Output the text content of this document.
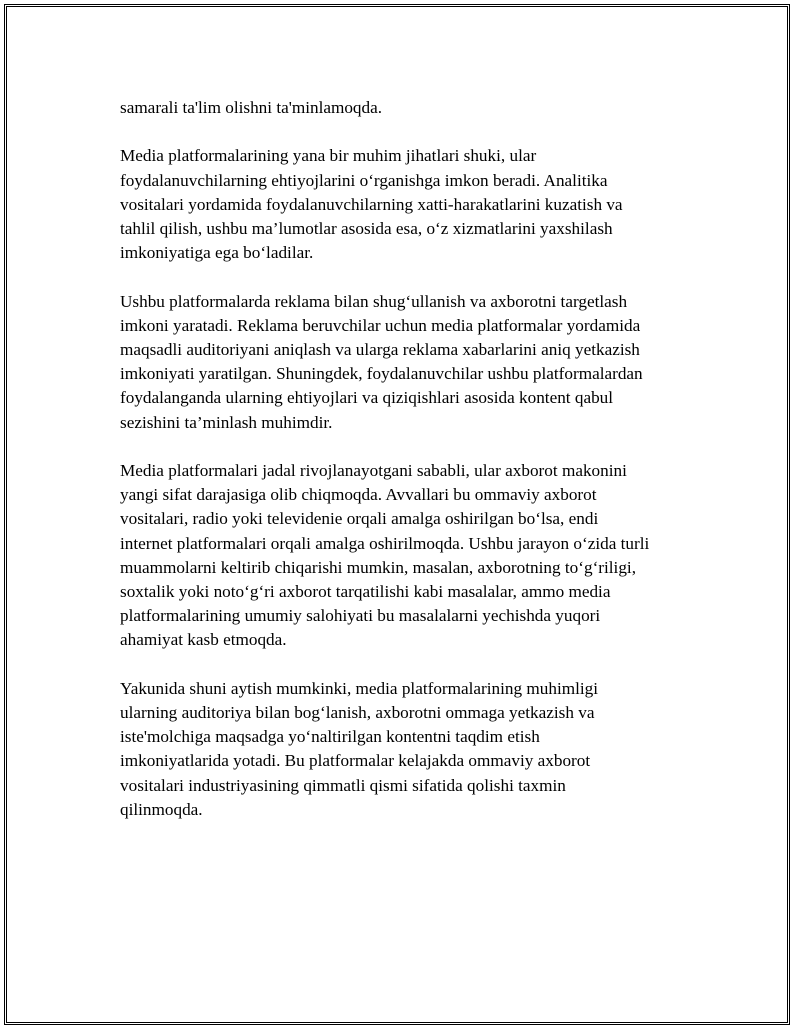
samarali ta'lim olishni ta'minlamoqda.

Media platformalarining yana bir muhim jihatlari shuki, ular
foydalanuvchilarning ehtiyojlarini o‘rganishga imkon beradi. Analitika
vositalari yordamida foydalanuvchilarning xatti-harakatlarini kuzatish va
tahlil qilish, ushbu ma’lumotlar asosida esa, o‘z xizmatlarini yaxshilash
imkoniyatiga ega bo‘ladilar.

Ushbu platformalarda reklama bilan shug‘ullanish va axborotni targetlash
imkoni yaratadi. Reklama beruvchilar uchun media platformalar yordamida
maqsadli auditoriyani aniqlash va ularga reklama xabarlarini aniq yetkazish
imkoniyati yaratilgan. Shuningdek, foydalanuvchilar ushbu platformalardan
foydalanganda ularning ehtiyojlari va qiziqishlari asosida kontent qabul
sezishini ta’minlash muhimdir.

Media platformalari jadal rivojlanayotgani sababli, ular axborot makonini
yangi sifat darajasiga olib chiqmoqda. Avvallari bu ommaviy axborot
vositalari, radio yoki televidenie orqali amalga oshirilgan bo‘lsa, endi
internet platformalari orqali amalga oshirilmoqda. Ushbu jarayon o‘zida turli
muammolarni keltirib chiqarishi mumkin, masalan, axborotning to‘g‘riligi,
soxtalik yoki noto‘g‘ri axborot tarqatilishi kabi masalalar, ammo media
platformalarining umumiy salohiyati bu masalalarni yechishda yuqori
ahamiyat kasb etmoqda.

Yakunida shuni aytish mumkinki, media platformalarining muhimligi
ularning auditoriya bilan bog‘lanish, axborotni ommaga yetkazish va
iste'molchiga maqsadga yo‘naltirilgan kontentni taqdim etish
imkoniyatlarida yotadi. Bu platformalar kelajakda ommaviy axborot
vositalari industriyasining qimmatli qismi sifatida qolishi taxmin
qilinmoqda.
